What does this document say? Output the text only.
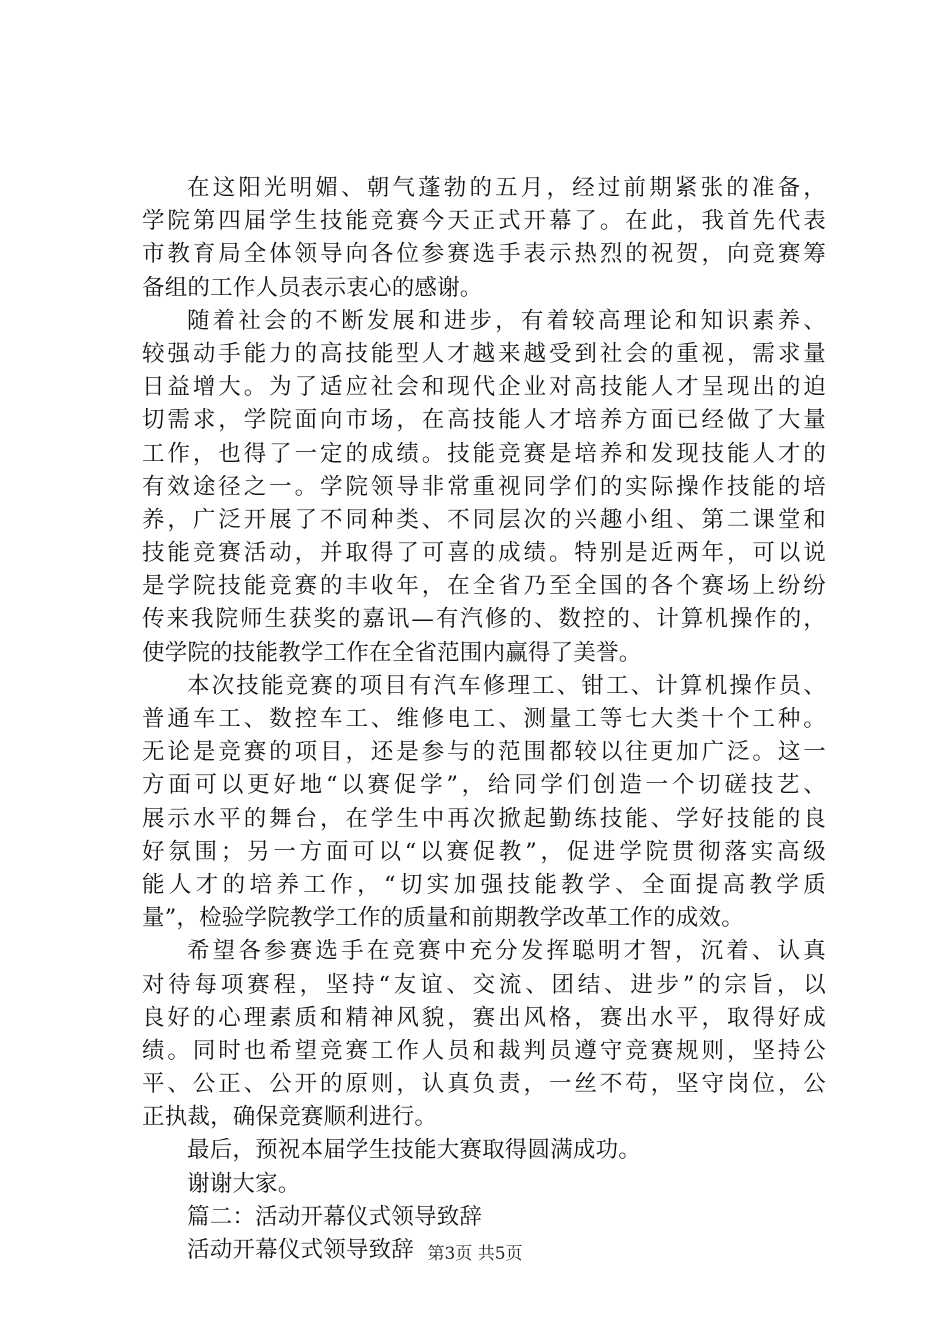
在这阳光明媚、朝气蓬勃的五月，经过前期紧张的准备，
学院第四届学生技能竞赛今天正式开幕了。在此，我首先代表
市教育局全体领导向各位参赛选手表示热烈的祝贺，向竞赛筹
备组的工作人员表示衷心的感谢。
随着社会的不断发展和进步，有着较高理论和知识素养、
较强动手能力的高技能型人才越来越受到社会的重视，需求量
日益增大。为了适应社会和现代企业对高技能人才呈现出的迫
切需求，学院面向市场，在高技能人才培养方面已经做了大量
工作，也得了一定的成绩。技能竞赛是培养和发现技能人才的
有效途径之一。学院领导非常重视同学们的实际操作技能的培
养，广泛开展了不同种类、不同层次的兴趣小组、第二课堂和
技能竞赛活动，并取得了可喜的成绩。特别是近两年，可以说
是学院技能竞赛的丰收年，在全省乃至全国的各个赛场上纷纷
传来我院师生获奖的嘉讯—有汽修的、数控的、计算机操作的，
使学院的技能教学工作在全省范围内赢得了美誉。
本次技能竞赛的项目有汽车修理工、钳工、计算机操作员、
普通车工、数控车工、维修电工、测量工等七大类十个工种。
无论是竞赛的项目，还是参与的范围都较以往更加广泛。这一
方面可以更好地“以赛促学”，给同学们创造一个切磋技艺、
展示水平的舞台，在学生中再次掀起勤练技能、学好技能的良
好氛围；另一方面可以“以赛促教”，促进学院贯彻落实高级
能人才的培养工作，“切实加强技能教学、全面提高教学质
量”，检验学院教学工作的质量和前期教学改革工作的成效。
希望各参赛选手在竞赛中充分发挥聪明才智，沉着、认真
对待每项赛程，坚持“友谊、交流、团结、进步”的宗旨，以
良好的心理素质和精神风貌，赛出风格，赛出水平，取得好成
绩。同时也希望竞赛工作人员和裁判员遵守竞赛规则，坚持公
平、公正、公开的原则，认真负责，一丝不苟，坚守岗位，公
正执裁，确保竞赛顺利进行。
最后，预祝本届学生技能大赛取得圆满成功。
谢谢大家。
篇二：活动开幕仪式领导致辞
活动开幕仪式领导致辞 第3页 共5页
